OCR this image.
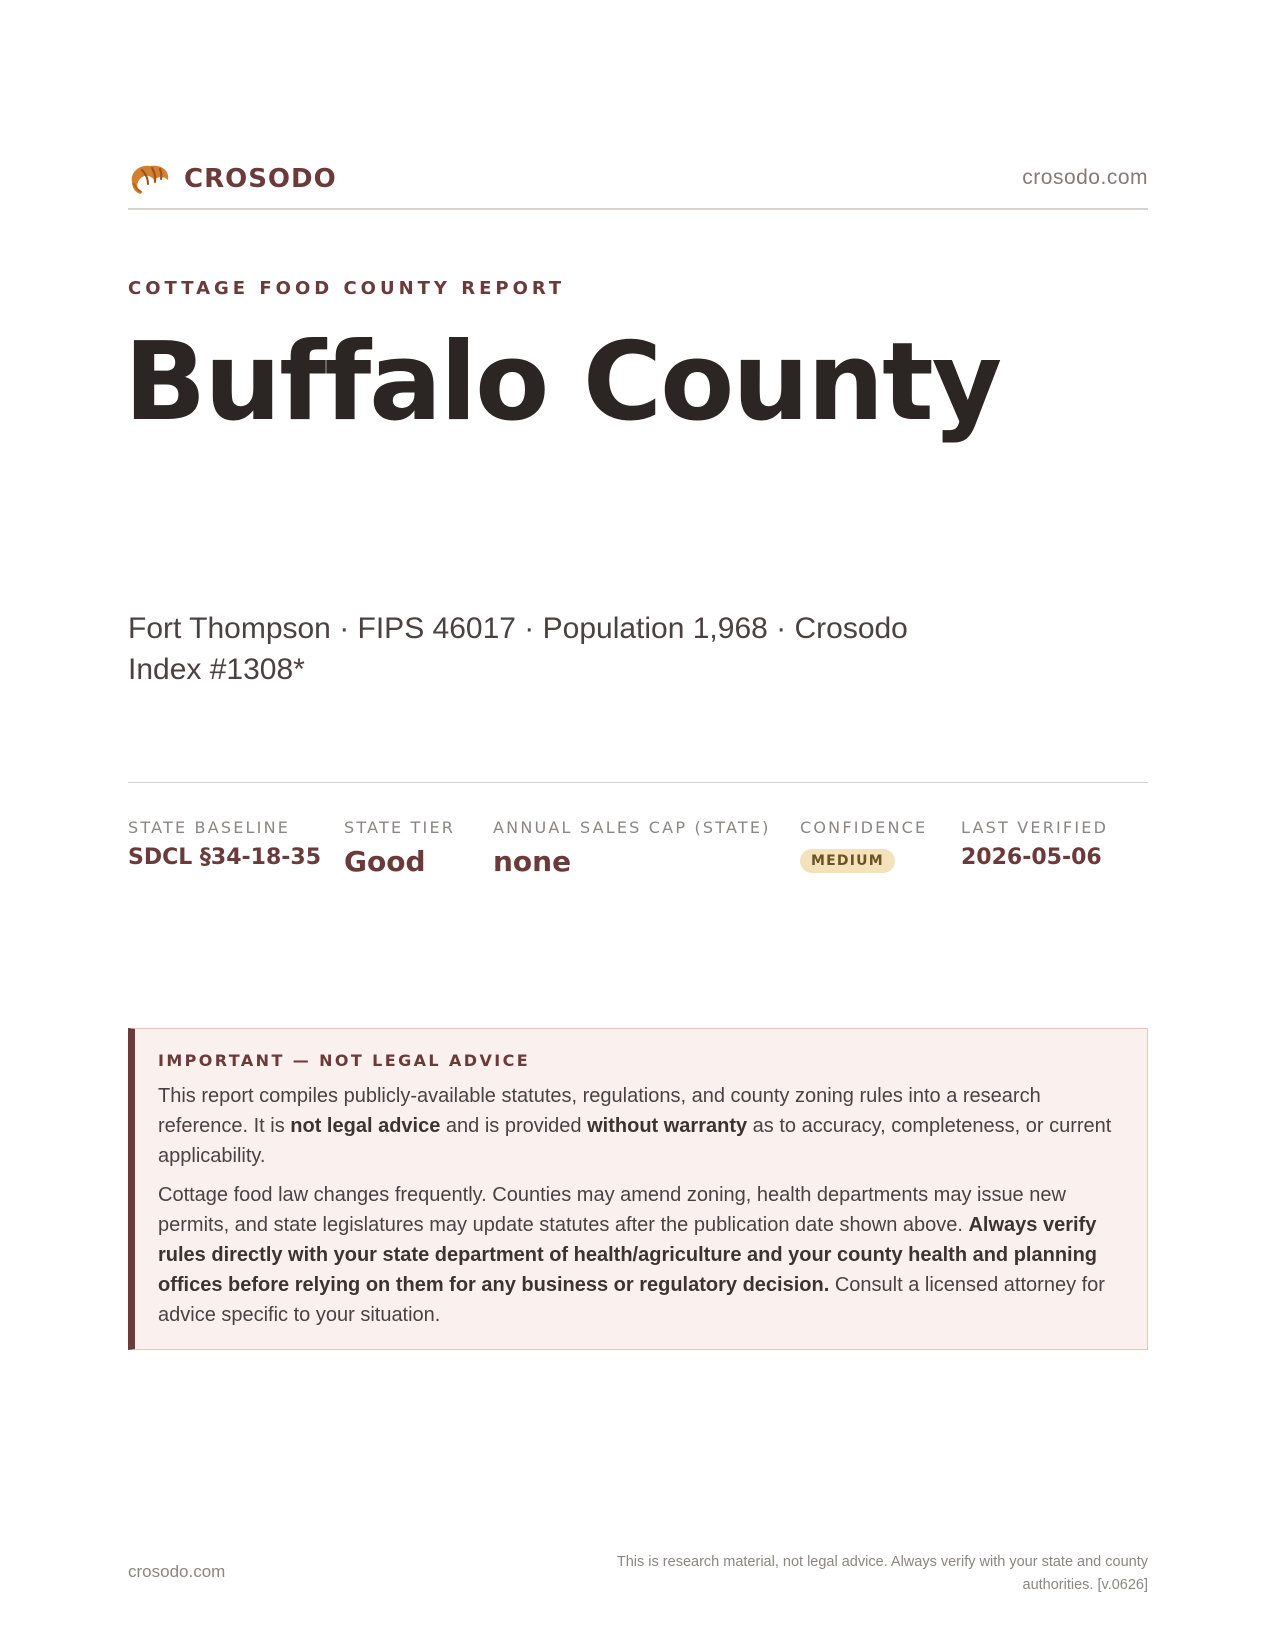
CROSODO	crosodo.com
COTTAGE FOOD COUNTY REPORT
Buffalo County
Fort Thompson · FIPS 46017 · Population 1,968 · Crosodo Index #1308*
STATE BASELINE
SDCL §34-18-35
STATE TIER
Good
ANNUAL SALES CAP (STATE)
none
CONFIDENCE
MEDIUM
LAST VERIFIED
2026-05-06
IMPORTANT — NOT LEGAL ADVICE

This report compiles publicly-available statutes, regulations, and county zoning rules into a research reference. It is not legal advice and is provided without warranty as to accuracy, completeness, or current applicability.

Cottage food law changes frequently. Counties may amend zoning, health departments may issue new permits, and state legislatures may update statutes after the publication date shown above. Always verify rules directly with your state department of health/agriculture and your county health and planning offices before relying on them for any business or regulatory decision. Consult a licensed attorney for advice specific to your situation.

crosodo.com	This is research material, not legal advice. Always verify with your state and county authorities. [v.0626]
